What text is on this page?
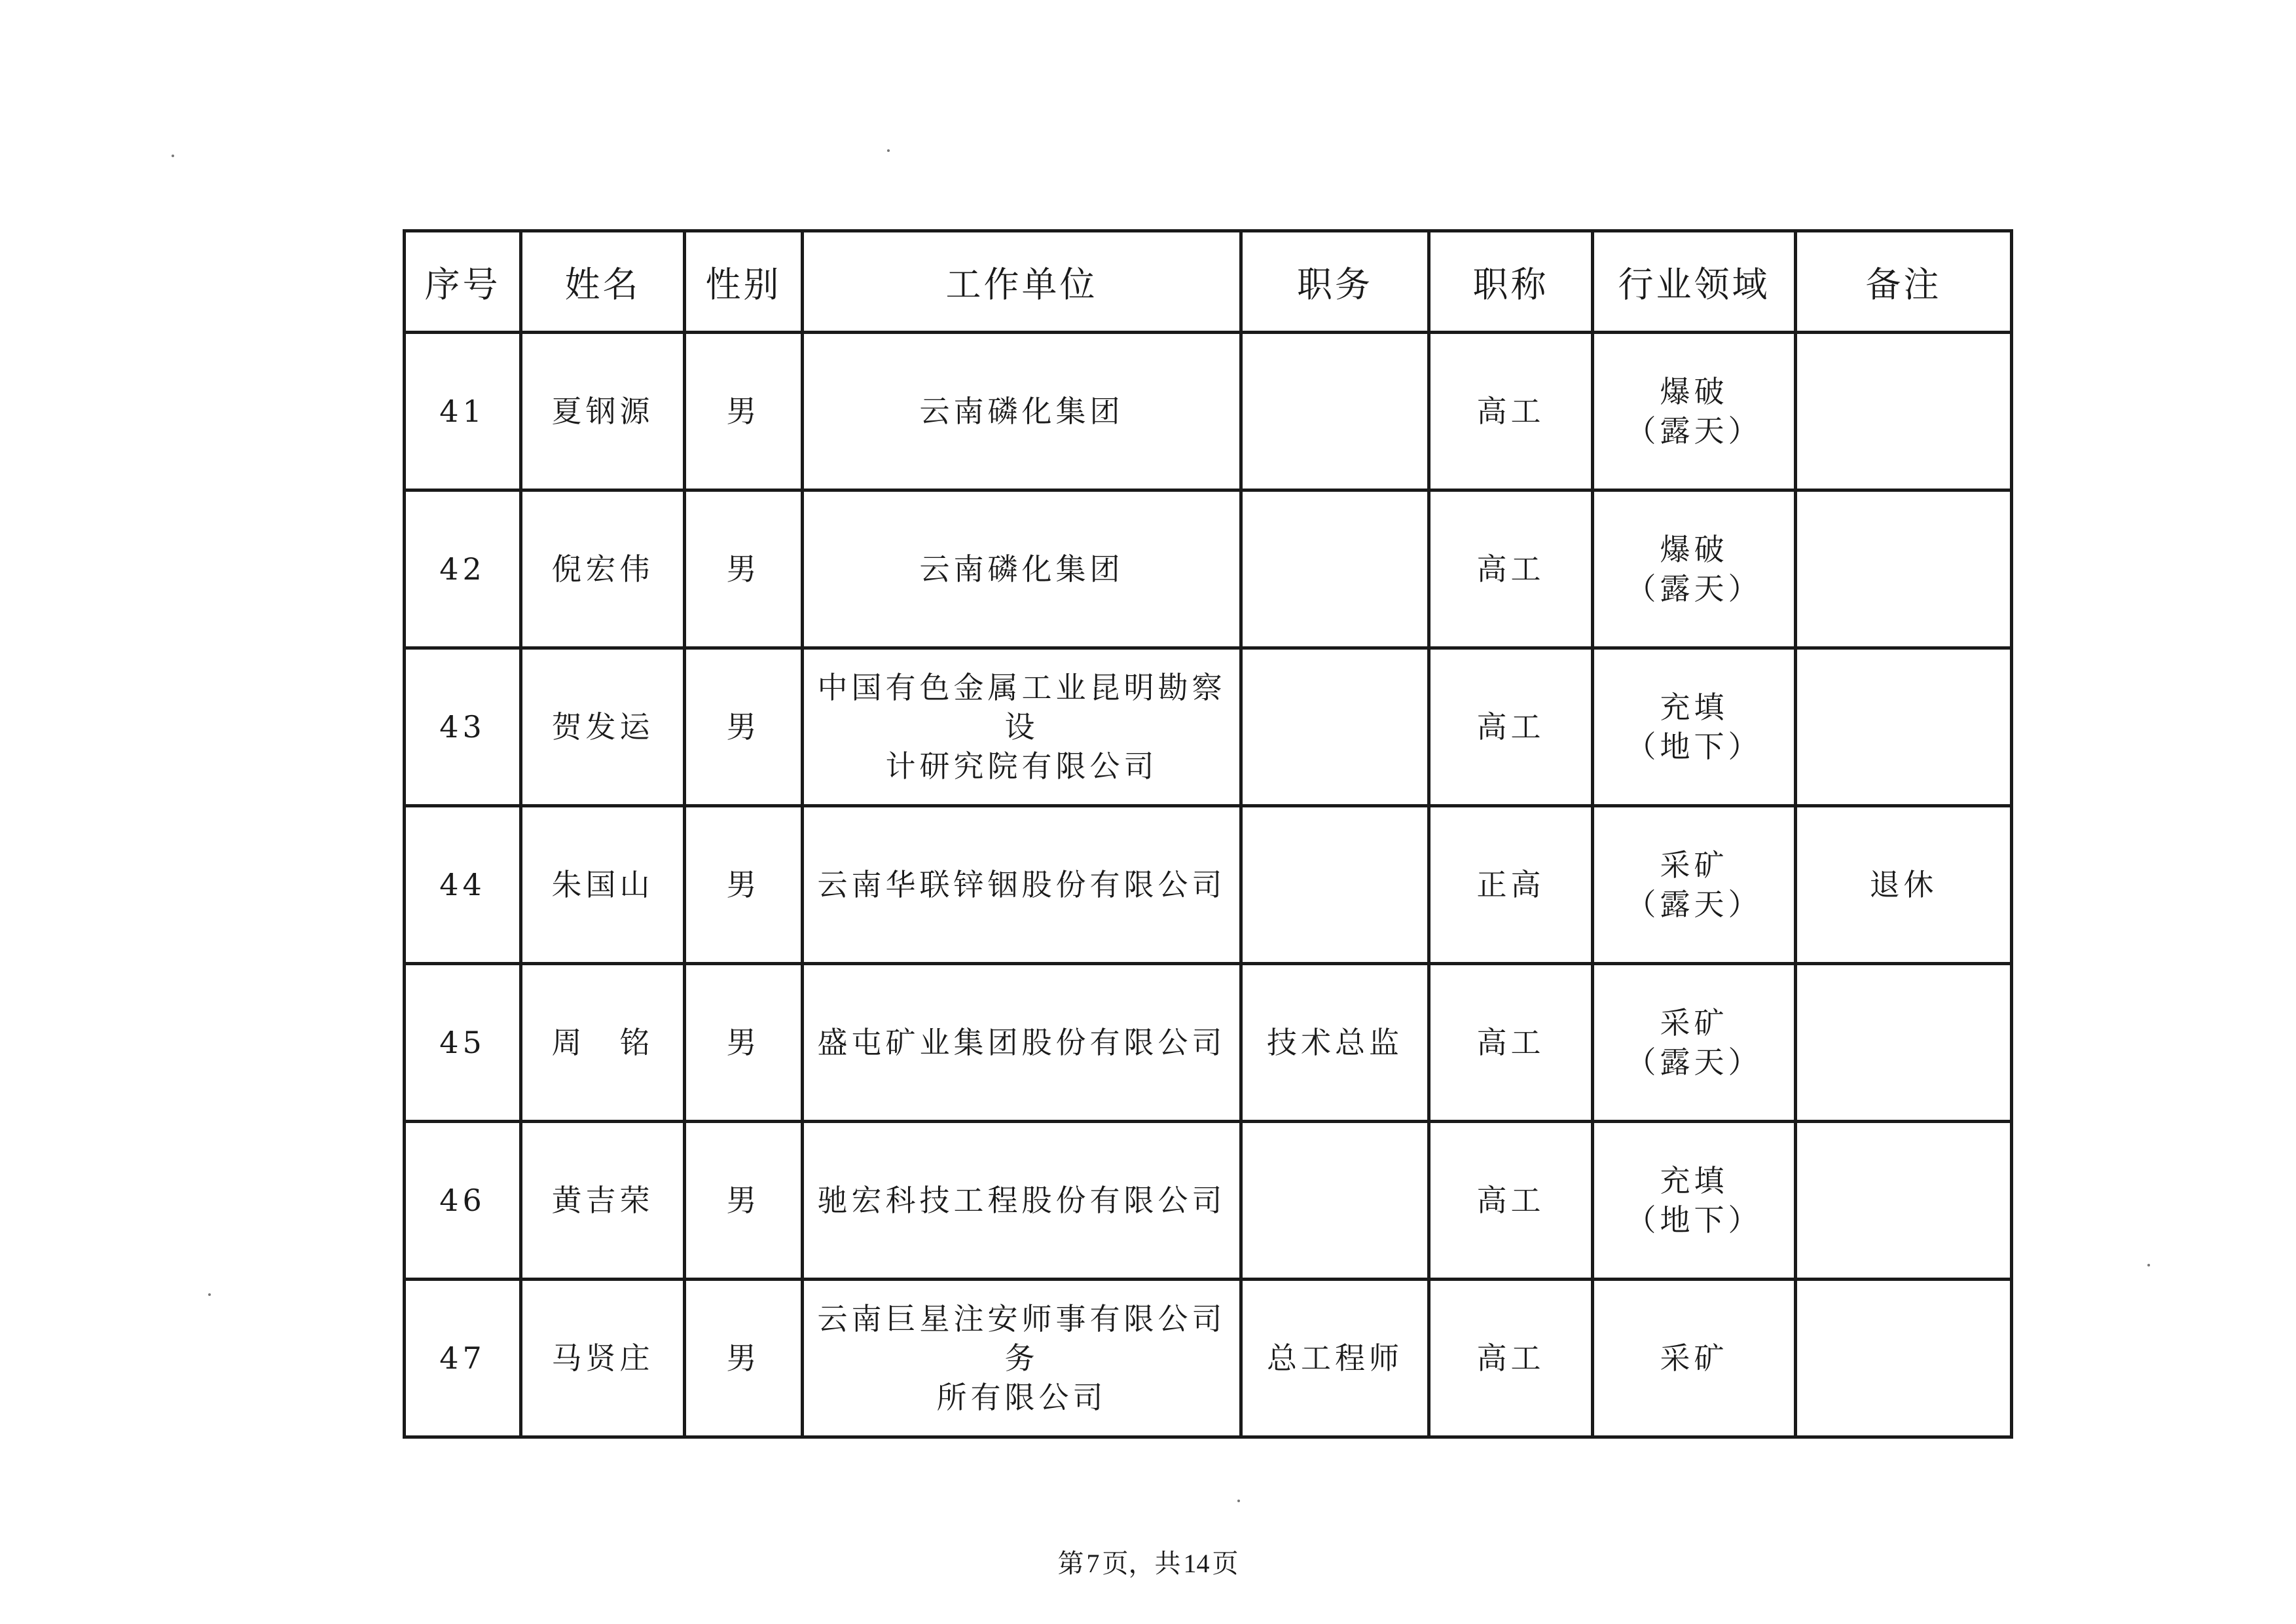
序号	姓名	性别	工作单位	职务	职称	行业领域	备注
41	夏钢源	男	云南磷化集团		高工	爆破
（露天）	

42	倪宏伟	男	云南磷化集团		高工	爆破
（露天）	

43	贺发运	男	中国有色金属工业昆明勘察设
计研究院有限公司		高工	充填
（地下）	

44	朱国山	男	云南华联锌铟股份有限公司		正高	采矿
（露天）	退休
45	周　铭	男	盛屯矿业集团股份有限公司	技术总监	高工	采矿
（露天）	

46	黄吉荣	男	驰宏科技工程股份有限公司		高工	充填
（地下）	

47	马贤庄	男	云南巨星注安师事有限公司务
所有限公司	总工程师	高工	采矿	

第 7 页，共 14 页
